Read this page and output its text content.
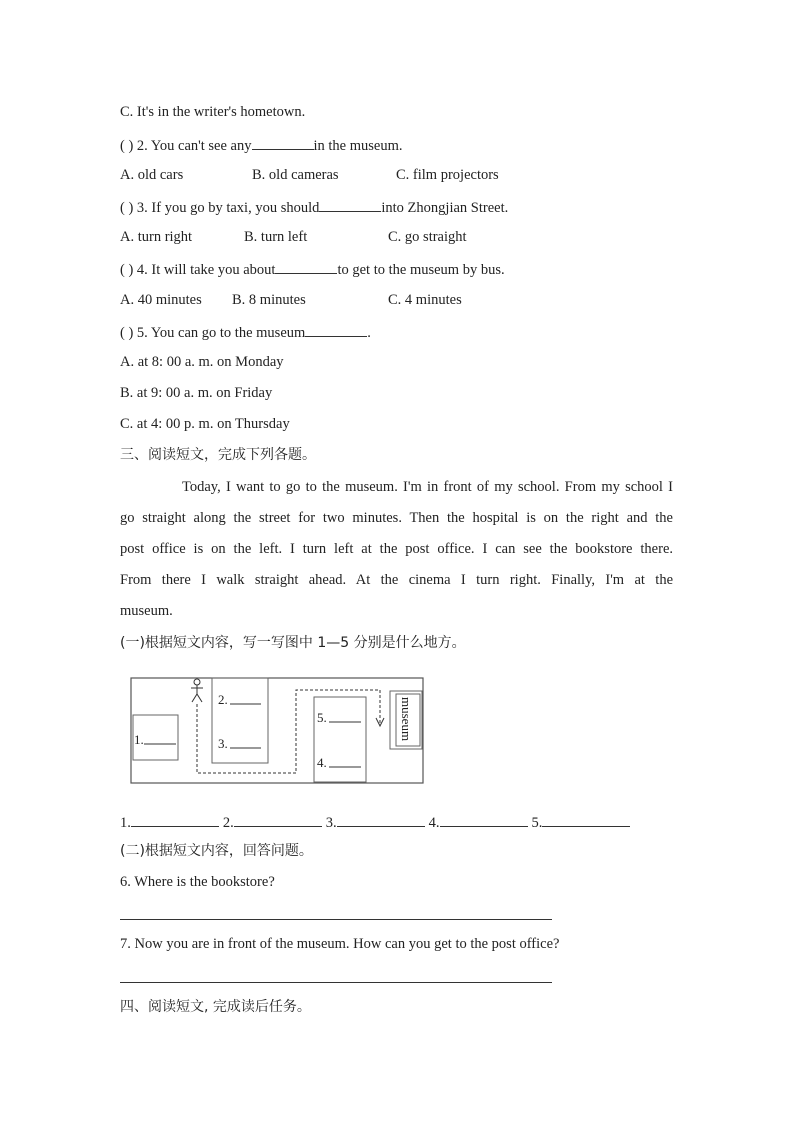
C. It's in the writer's hometown.
( ) 2. You can't see any	in the museum.
A. old cars	B. old cameras	C. film projectors
( ) 3. If you go by taxi, you should	into Zhongjian Street.
A. turn right	B. turn left	C. go straight
( ) 4. It will take you about	to get to the museum by bus.
A. 40 minutes B. 8 minutes	C. 4 minutes
( ) 5. You can go to the museum	.
A. at 8: 00 a. m. on Monday
B. at 9: 00 a. m. on Friday
C. at 4: 00 p. m. on Thursday
三、阅读短文，完成下列各题。
Today, I want to go to the museum. I'm in front of my school. From my school I
go straight along the street for two minutes. Then the hospital is on the right and the
post office is on the left. I turn left at the post office. I can see the bookstore there.
From there I walk straight ahead. At the cinema I turn right. Finally, I'm at the
museum.
(一)根据短文内容，写一写图中 1—5 分别是什么地方。
1.
2.
3.
5.
4.
museum
1.	2.	3.	4.	5.
(二)根据短文内容，回答问题。
6. Where is the bookstore?
7. Now you are in front of the museum. How can you get to the post office?
四、阅读短文, 完成读后任务。
